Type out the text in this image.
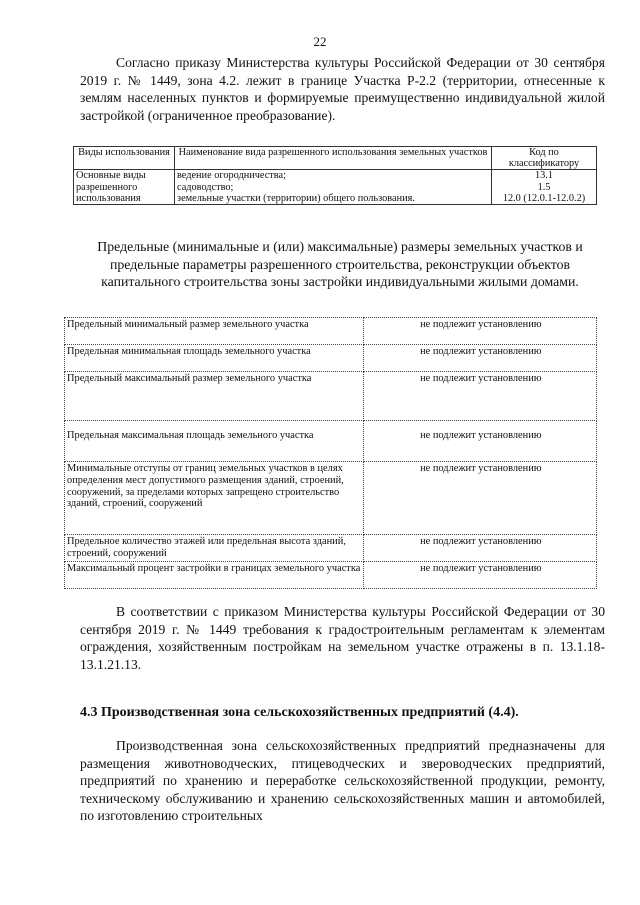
22

Согласно приказу Министерства культуры Российской Федерации от 30 сентября 2019 г. № 1449, зона 4.2. лежит в границе Участка Р-2.2 (территории, отнесенные к землям населенных пунктов и формируемые преимущественно индивидуальной жилой застройкой (ограниченное преобразование).

Виды использования	Наименование вида разрешенного использования земельных участков	Код по классификатору
Основные виды разрешенного использования	ведение огородничества;	13.1
	садоводство;	1.5
	земельные участки (территории) общего пользования.	12.0 (12.0.1-12.0.2)
Предельные (минимальные и (или) максимальные) размеры земельных участков и предельные параметры разрешенного строительства, реконструкции объектов капитального строительства зоны застройки индивидуальными жилыми домами.
Предельный минимальный размер земельного участка	не подлежит установлению
Предельная минимальная площадь земельного участка	не подлежит установлению
Предельный максимальный размер земельного участка	не подлежит установлению
Предельная максимальная площадь земельного участка	не подлежит установлению
Минимальные отступы от границ земельных участков в целях определения мест допустимого размещения зданий, строений, сооружений, за пределами которых запрещено строительство зданий, строений, сооружений	не подлежит установлению
Предельное количество этажей или предельная высота зданий, строений, сооружений	не подлежит установлению
Максимальный процент застройки в границах земельного участка	не подлежит установлению

В соответствии с приказом Министерства культуры Российской Федерации от 30 сентября 2019 г. № 1449 требования к градостроительным регламентам к элементам ограждения, хозяйственным постройкам на земельном участке отражены в п. 13.1.18-13.1.21.13.

4.3 Производственная зона сельскохозяйственных предприятий (4.4).

Производственная зона сельскохозяйственных предприятий предназначены для размещения животноводческих, птицеводческих и звероводческих предприятий, предприятий по хранению и переработке сельскохозяйственной продукции, ремонту, техническому обслуживанию и хранению сельскохозяйственных машин и автомобилей, по изготовлению строительных
